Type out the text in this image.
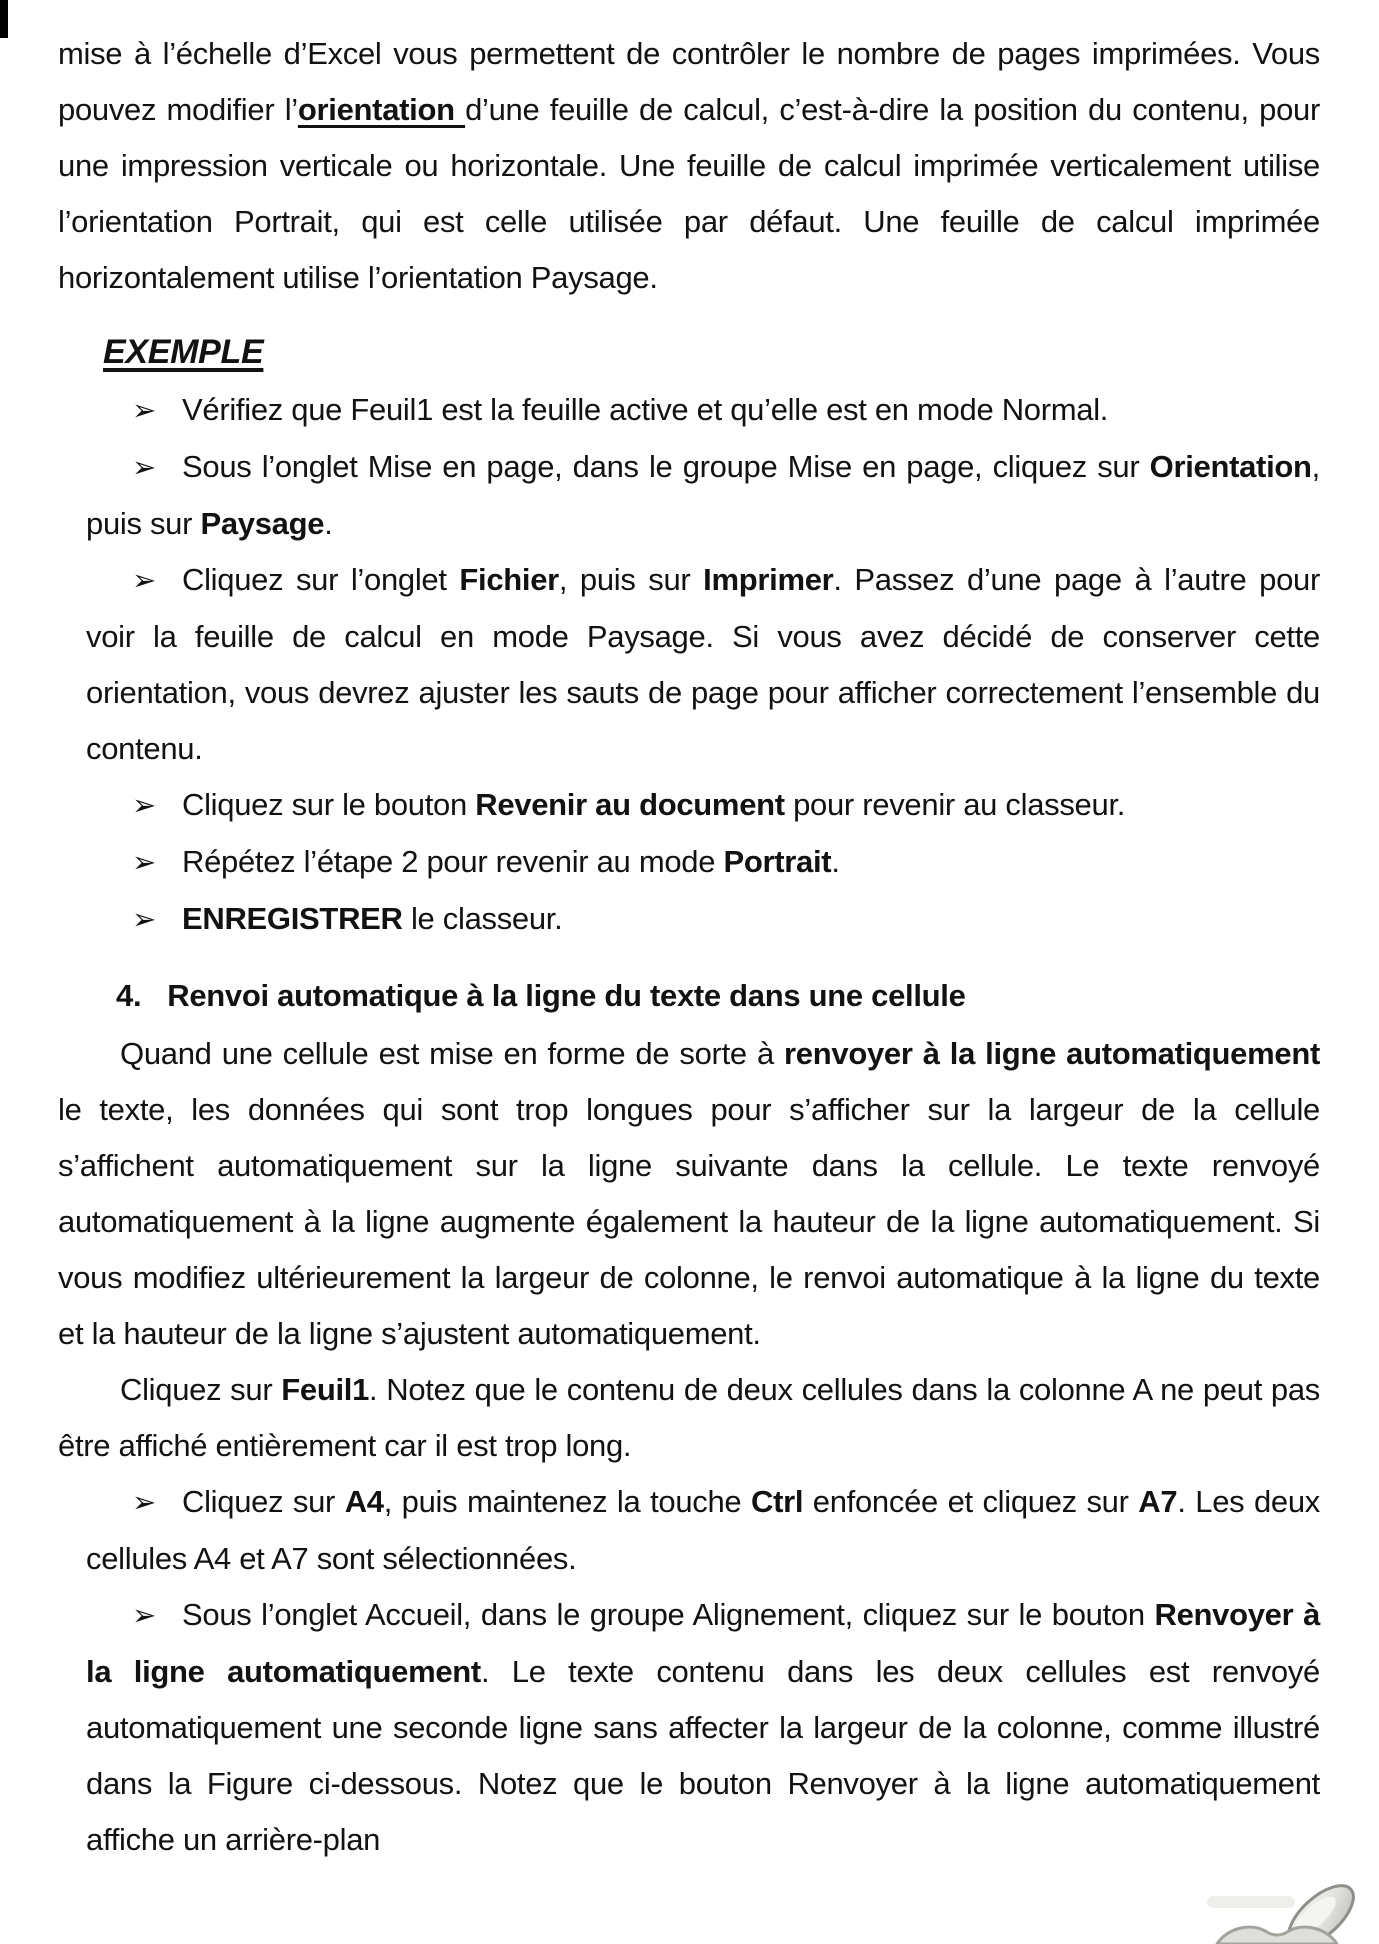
mise à l’échelle d’Excel vous permettent de contrôler le nombre de pages imprimées. Vous pouvez modifier l’orientation d’une feuille de calcul, c’est-à-dire la position du contenu, pour une impression verticale ou horizontale. Une feuille de calcul imprimée verticalement utilise l’orientation Portrait, qui est celle utilisée par défaut. Une feuille de calcul imprimée horizontalement utilise l’orientation Paysage.
EXEMPLE
➢ Vérifiez que Feuil1 est la feuille active et qu’elle est en mode Normal.
➢ Sous l’onglet Mise en page, dans le groupe Mise en page, cliquez sur Orientation, puis sur Paysage.
➢ Cliquez sur l’onglet Fichier, puis sur Imprimer. Passez d’une page à l’autre pour voir la feuille de calcul en mode Paysage. Si vous avez décidé de conserver cette orientation, vous devrez ajuster les sauts de page pour afficher correctement l’ensemble du contenu.
➢ Cliquez sur le bouton Revenir au document pour revenir au classeur.
➢ Répétez l’étape 2 pour revenir au mode Portrait.
➢ ENREGISTRER le classeur.
4. Renvoi automatique à la ligne du texte dans une cellule
Quand une cellule est mise en forme de sorte à renvoyer à la ligne automatiquement le texte, les données qui sont trop longues pour s’afficher sur la largeur de la cellule s’affichent automatiquement sur la ligne suivante dans la cellule. Le texte renvoyé automatiquement à la ligne augmente également la hauteur de la ligne automatiquement. Si vous modifiez ultérieurement la largeur de colonne, le renvoi automatique à la ligne du texte et la hauteur de la ligne s’ajustent automatiquement.
Cliquez sur Feuil1. Notez que le contenu de deux cellules dans la colonne A ne peut pas être affiché entièrement car il est trop long.
➢ Cliquez sur A4, puis maintenez la touche Ctrl enfoncée et cliquez sur A7. Les deux cellules A4 et A7 sont sélectionnées.
➢ Sous l’onglet Accueil, dans le groupe Alignement, cliquez sur le bouton Renvoyer à la ligne automatiquement. Le texte contenu dans les deux cellules est renvoyé automatiquement une seconde ligne sans affecter la largeur de la colonne, comme illustré dans la Figure ci-dessous. Notez que le bouton Renvoyer à la ligne automatiquement affiche un arrière-plan
